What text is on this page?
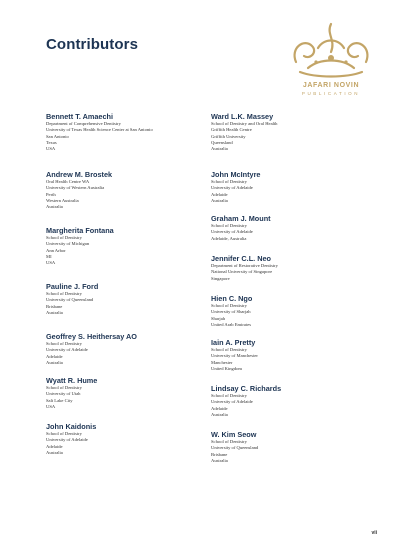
Contributors
JAFARI NOVIN
PUBLICATION
Bennett T. Amaechi
Department of Comprehensive Dentistry
University of Texas Health Science Center at San Antonio
San Antonio
Texas
USA
Andrew M. Brostek
Oral Health Centre WA
University of Western Australia
Perth
Western Australia
Australia
Margherita Fontana
School of Dentistry
University of Michigan
Ann Arbor
MI
USA
Pauline J. Ford
School of Dentistry
University of Queensland
Brisbane
Australia
Geoffrey S. Heithersay AO
School of Dentistry
University of Adelaide
Adelaide
Australia
Wyatt R. Hume
School of Dentistry
University of Utah
Salt Lake City
USA
John Kaidonis
School of Dentistry
University of Adelaide
Adelaide
Australia
Ward L.K. Massey
School of Dentistry and Oral Health
Griffith Health Centre
Griffith University
Queensland
Australia
John McIntyre
School of Dentistry
University of Adelaide
Adelaide
Australia
Graham J. Mount
School of Dentistry
University of Adelaide
Adelaide, Australia
Jennifer C.L. Neo
Department of Restorative Dentistry
National University of Singapore
Singapore
Hien C. Ngo
School of Dentistry
University of Sharjah
Sharjah
United Arab Emirates
Iain A. Pretty
School of Dentistry
University of Manchester
Manchester
United Kingdom
Lindsay C. Richards
School of Dentistry
University of Adelaide
Adelaide
Australia
W. Kim Seow
School of Dentistry
University of Queensland
Brisbane
Australia
vii
